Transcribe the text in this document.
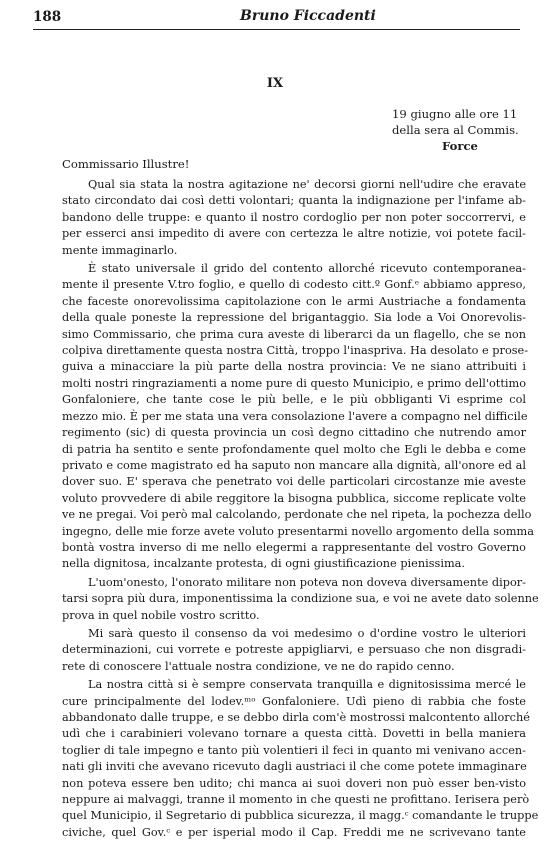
188	Bruno Ficcadenti
IX
19 giugno alle ore 11
della sera al Commis.
Force
Commissario Illustre!
Qual sia stata la nostra agitazione ne' decorsi giorni nell'udire che eravate
stato circondato dai così detti volontari; quanta la indignazione per l'infame ab-
bandono delle truppe: e quanto il nostro cordoglio per non poter soccorrervi, e
per esserci ansi impedito di avere con certezza le altre notizie, voi potete facil-
mente immaginarlo.
È stato universale il grido del contento allorché ricevuto contemporanea-
mente il presente V.tro foglio, e quello di codesto citt.º Gonf.ᵉ abbiamo appreso,
che faceste onorevolissima capitolazione con le armi Austriache a fondamenta
della quale poneste la repressione del brigantaggio. Sia lode a Voi Onorevolis-
simo Commissario, che prima cura aveste di liberarci da un flagello, che se non
colpiva direttamente questa nostra Città, troppo l'inaspriva. Ha desolato e prose-
guiva a minacciare la più parte della nostra provincia: Ve ne siano attribuiti i
molti nostri ringraziamenti a nome pure di questo Municipio, e primo dell'ottimo
Gonfaloniere, che tante cose le più belle, e le più obbliganti Vi esprime col
mezzo mio. È per me stata una vera consolazione l'avere a compagno nel difficile
regimento (sic) di questa provincia un così degno cittadino che nutrendo amor
di patria ha sentito e sente profondamente quel molto che Egli le debba e come
privato e come magistrato ed ha saputo non mancare alla dignità, all'onore ed al
dover suo. E' sperava che penetrato voi delle particolari circostanze mie aveste
voluto provvedere di abile reggitore la bisogna pubblica, siccome replicate volte
ve ne pregai. Voi però mal calcolando, perdonate che nel ripeta, la pochezza dello
ingegno, delle mie forze avete voluto presentarmi novello argomento della somma
bontà vostra inverso di me nello elegermi a rappresentante del vostro Governo
nella dignitosa, incalzante protesta, di ogni giustificazione pienissima.
L'uom'onesto, l'onorato militare non poteva non doveva diversamente dipor-
tarsi sopra più dura, imponentissima la condizione sua, e voi ne avete dato solenne
prova in quel nobile vostro scritto.
Mi sarà questo il consenso da voi medesimo o d'ordine vostro le ulteriori
determinazioni, cui vorrete e potreste appigliarvi, e persuaso che non disgradi-
rete di conoscere l'attuale nostra condizione, ve ne do rapido cenno.
La nostra città si è sempre conservata tranquilla e dignitosissima mercé le
cure principalmente del lodev.ᵐᵒ Gonfaloniere. Udì pieno di rabbia che foste
abbandonato dalle truppe, e se debbo dirla com'è mostrossi malcontento allorché
udì che i carabinieri volevano tornare a questa città. Dovetti in bella maniera
toglier di tale impegno e tanto più volentieri il feci in quanto mi venivano accen-
nati gli inviti che avevano ricevuto dagli austriaci il che come potete immaginare
non poteva essere ben udito; chi manca ai suoi doveri non può esser ben-visto
neppure ai malvaggi, tranne il momento in che questi ne profittano. Ierisera però
quel Municipio, il Segretario di pubblica sicurezza, il magg.ᶜ comandante le truppe
civiche, quel Gov.ᶜ e per isperial modo il Cap. Freddi me ne scrivevano tante
